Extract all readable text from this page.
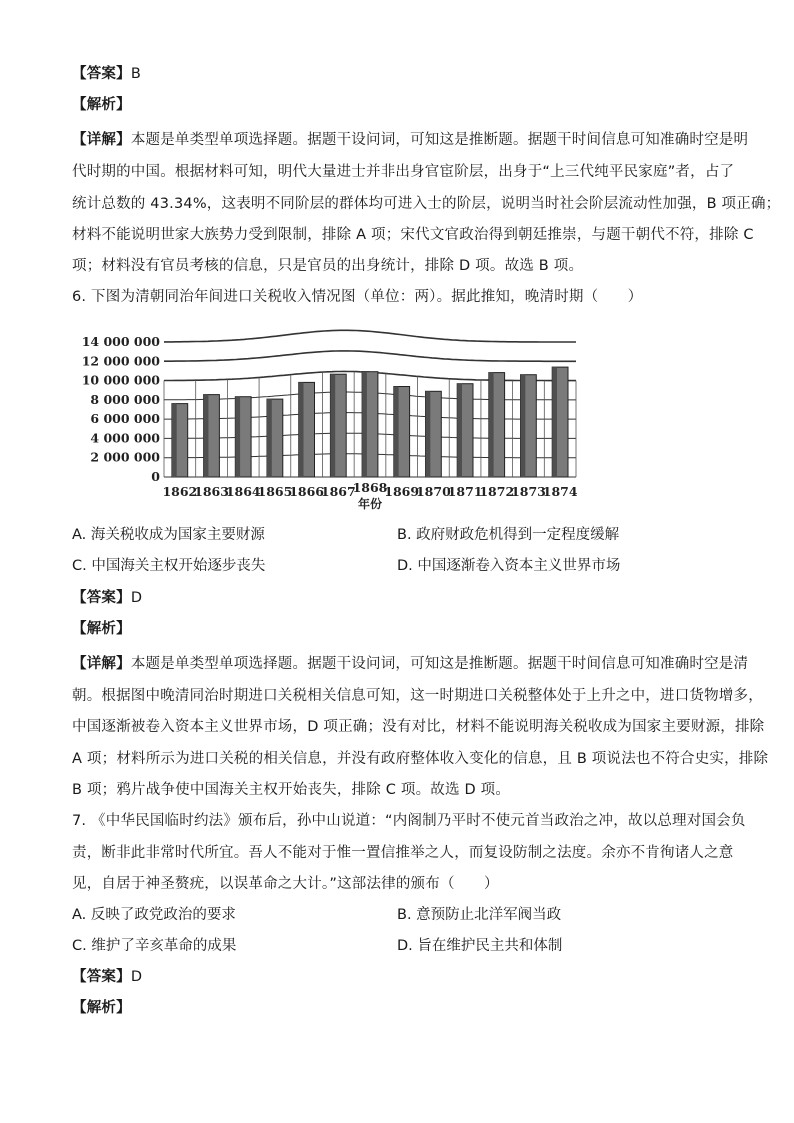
【答案】B
【解析】
【详解】本题是单类型单项选择题。据题干设问词，可知这是推断题。据题干时间信息可知准确时空是明
代时期的中国。根据材料可知，明代大量进士并非出身官宦阶层，出身于“上三代纯平民家庭”者，占了
统计总数的 43.34%，这表明不同阶层的群体均可进入士的阶层，说明当时社会阶层流动性加强，B 项正确；
材料不能说明世家大族势力受到限制，排除 A 项；宋代文官政治得到朝廷推崇，与题干朝代不符，排除 C
项；材料没有官员考核的信息，只是官员的出身统计，排除 D 项。故选 B 项。
6. 下图为清朝同治年间进口关税收入情况图（单位：两）。据此推知，晚清时期（　　）
14 000 000
12 000 000
10 000 000
8 000 000
6 000 000
4 000 000
2 000 000
0
1862
1863
1864
1865
1866
1867
1868
1869
1870
1871
1872
1873
1874
年份
A. 海关税收成为国家主要财源	B. 政府财政危机得到一定程度缓解
C. 中国海关主权开始逐步丧失	D. 中国逐渐卷入资本主义世界市场
【答案】D
【解析】
【详解】本题是单类型单项选择题。据题干设问词，可知这是推断题。据题干时间信息可知准确时空是清
朝。根据图中晚清同治时期进口关税相关信息可知，这一时期进口关税整体处于上升之中，进口货物增多，
中国逐渐被卷入资本主义世界市场，D 项正确；没有对比，材料不能说明海关税收成为国家主要财源，排除
A 项；材料所示为进口关税的相关信息，并没有政府整体收入变化的信息，且 B 项说法也不符合史实，排除
B 项；鸦片战争使中国海关主权开始丧失，排除 C 项。故选 D 项。
7. 《中华民国临时约法》颁布后，孙中山说道：“内阁制乃平时不使元首当政治之冲，故以总理对国会负
责，断非此非常时代所宜。吾人不能对于惟一置信推举之人，而复设防制之法度。余亦不肯徇诸人之意
见，自居于神圣赘疣，以误革命之大计。”这部法律的颁布（　　）
A. 反映了政党政治的要求	B. 意预防止北洋军阀当政
C. 维护了辛亥革命的成果	D. 旨在维护民主共和体制
【答案】D
【解析】
